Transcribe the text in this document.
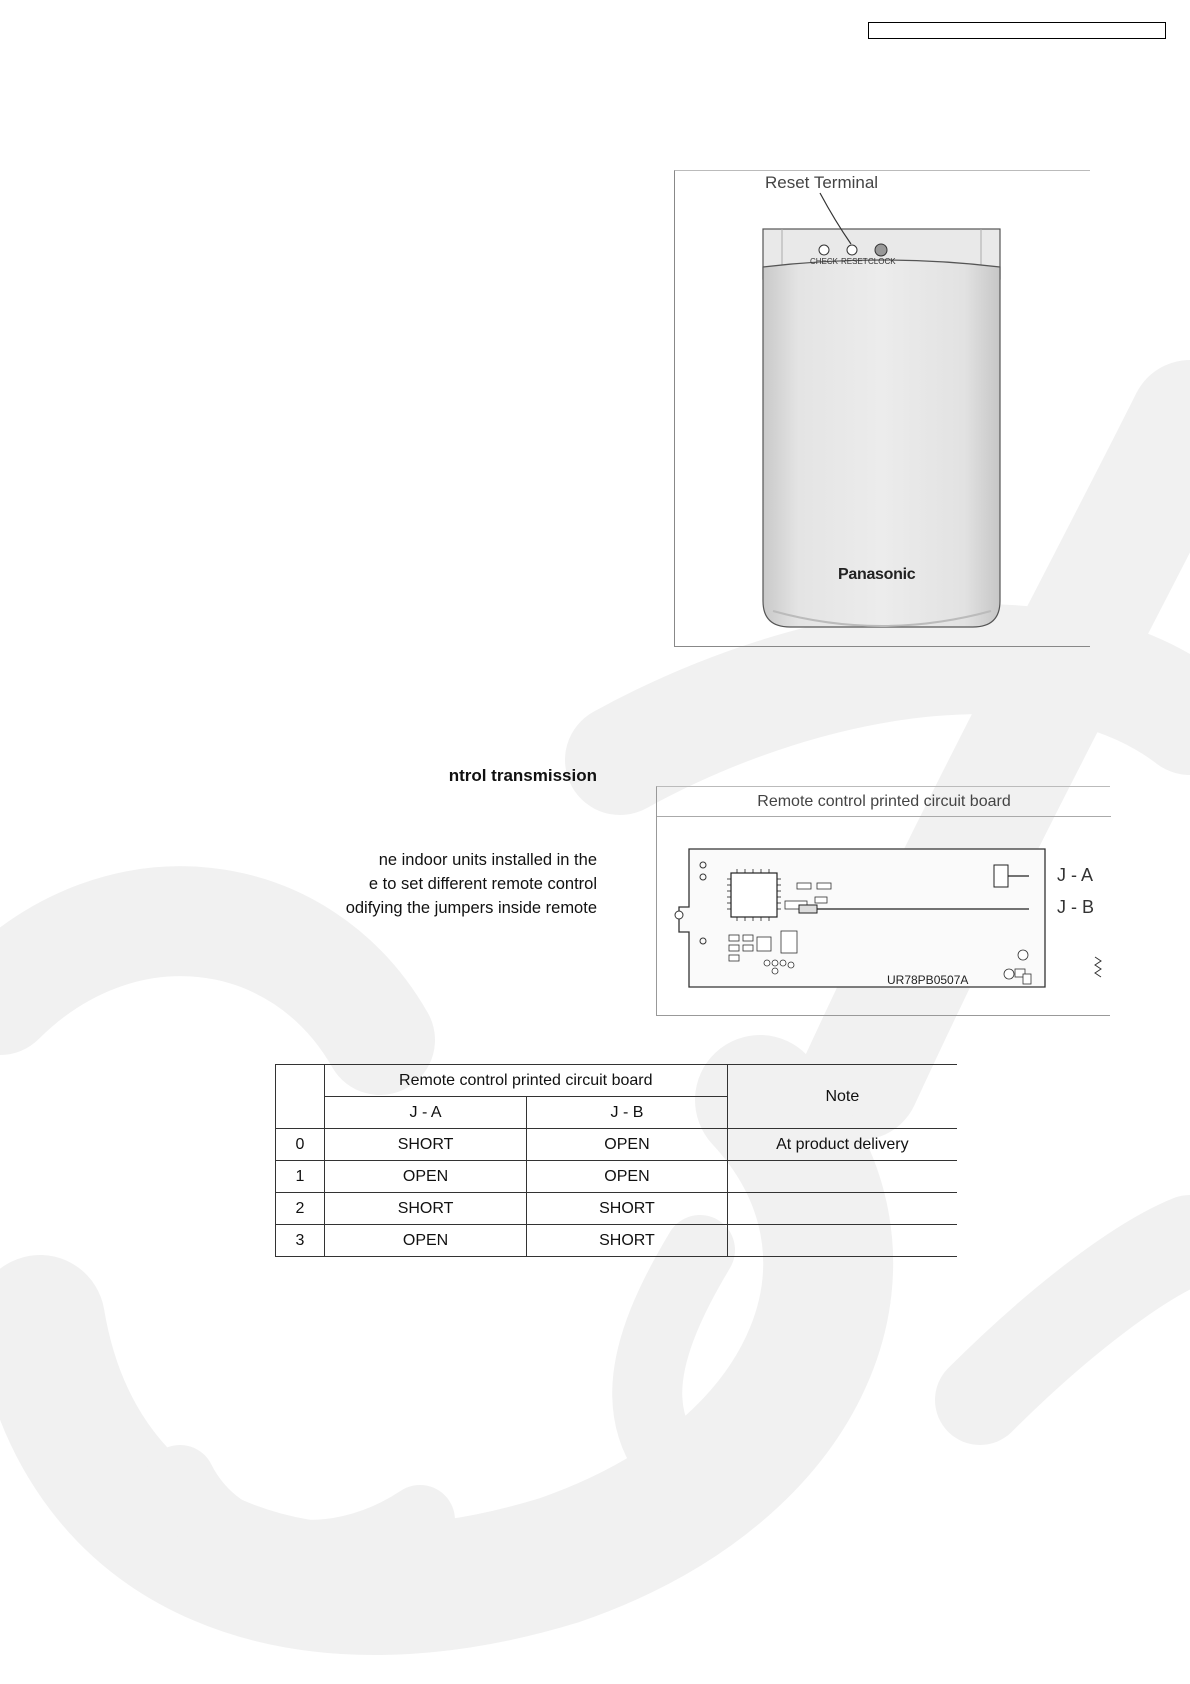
Reset Terminal
CHECK RESET CLOCK
Panasonic
ntrol transmission
ne indoor units installed in the
e to set different remote control
odifying the jumpers inside remote
Remote control printed circuit board
J - A
J - B
UR78PB0507A
	Remote control printed circuit board		Note
	J - A	J - B	
0	SHORT	OPEN	At product delivery
1	OPEN	OPEN	
2	SHORT	SHORT	
3	OPEN	SHORT	
